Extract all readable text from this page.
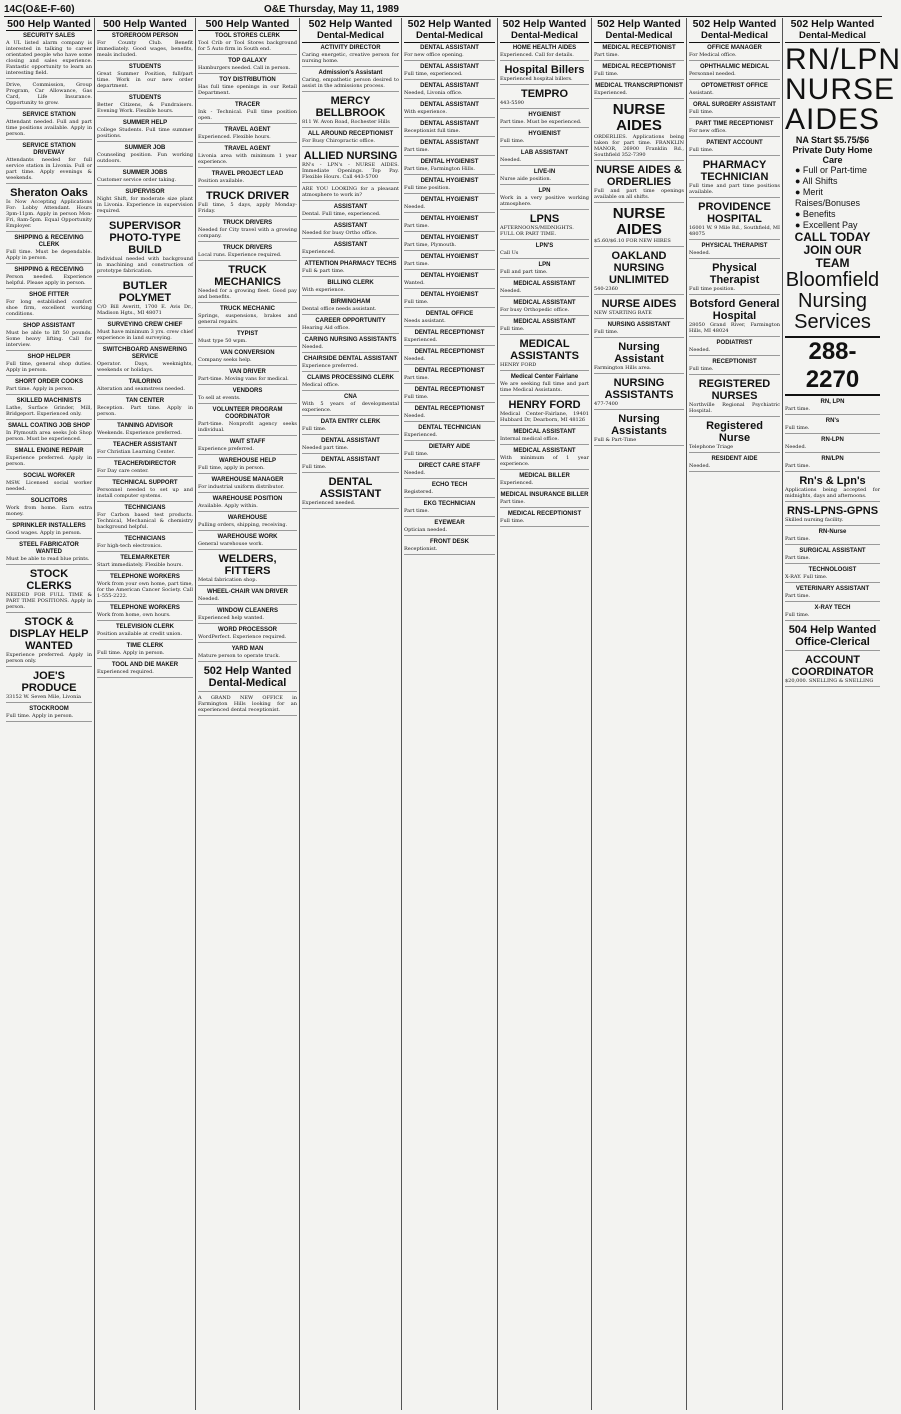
14C(O&E-F-60)	O&E Thursday, May 11, 1989
500 Help Wanted
SECURITY SALES
A UL listed alarm company is interested in talking to career orientated people who have some closing and sales experience. Fantastic opportunity to learn an interesting field.
Drive, Commission, Group Program, Car Allowance, Gas Card, Life Insurance. Opportunity to grow.
SERVICE STATION
Attendant needed. Full and part time positions available. Apply in person.
SERVICE STATION DRIVEWAY
Attendants needed for full service station in Livonia. Full or part time. Apply evenings & weekends.
Sheraton Oaks
Is Now Accepting Applications For: Lobby Attendant. Hours 3pm-11pm. Apply in person Mon-Fri, 8am-5pm. Equal Opportunity Employer.
SHIPPING & RECEIVING CLERK
Full time. Must be dependable. Apply in person.
SHIPPING & RECEIVING
Person needed. Experience helpful. Please apply in person.
SHOE FITTER
For long established comfort shoe firm, excellent working conditions.
SHOP ASSISTANT
Must be able to lift 50 pounds. Some heavy lifting. Call for interview.
SHOP HELPER
Full time, general shop duties. Apply in person.
SHORT ORDER COOKS
Part time. Apply in person.
SKILLED MACHINISTS
Lathe, Surface Grinder, Mill, Bridgeport. Experienced only.
SMALL COATING JOB SHOP
In Plymouth area seeks Job Shop person. Must be experienced.
SMALL ENGINE REPAIR
Experience preferred. Apply in person.
SOCIAL WORKER
MSW. Licensed social worker needed.
SOLICITORS
Work from home. Earn extra money.
SPRINKLER INSTALLERS
Good wages. Apply in person.
STEEL FABRICATOR WANTED
Must be able to read blue prints.
STOCK CLERKS
NEEDED FOR FULL TIME & PART TIME POSITIONS. Apply in person.
STOCK & DISPLAY HELP WANTED
Experience preferred. Apply in person only.
JOE'S PRODUCE
33152 W. Seven Mile, Livonia
STOCKROOM
Full time. Apply in person.
500 Help Wanted
STOREROOM PERSON
For County Club. Benefit immediately. Good wages, benefits, meals included.
STUDENTS
Great Summer Position, full/part time. Work in our new order department.
STUDENTS
Better Citizens, & Fundraisers. Evening Work. Flexible hours.
SUMMER HELP
College Students. Full time summer positions.
SUMMER JOB
Counseling position. Fun working outdoors.
SUMMER JOBS
Customer service order taking.
SUPERVISOR
Night Shift, for moderate size plant in Livonia. Experience in supervision required.
SUPERVISOR PHOTO-TYPE BUILD
Individual needed with background in machining and construction of prototype fabrication.
BUTLER POLYMET
C/O Bill Averitt, 1700 E. Avis Dr., Madison Hgts., MI 48071
SURVEYING CREW CHIEF
Must have minimum 3 yrs. crew chief experience in land surveying.
SWITCHBOARD ANSWERING SERVICE
Operator. Days, weeknights, weekends or holidays.
TAILORING
Alteration and seamstress needed.
TAN CENTER
Reception. Part time. Apply in person.
TANNING ADVISOR
Weekends. Experience preferred.
TEACHER ASSISTANT
For Christian Learning Center.
TEACHER/DIRECTOR
For Day care center.
TECHNICAL SUPPORT
Personnel needed to set up and install computer systems.
TECHNICIANS
For Carbon based test products. Technical, Mechanical & chemistry background helpful.
TECHNICIANS
For high-tech electronics.
TELEMARKETER
Start immediately. Flexible hours.
TELEPHONE WORKERS
Work from your own home, part time, for the American Cancer Society. Call 1-555-2222.
TELEPHONE WORKERS
Work from home, own hours.
TELEVISION CLERK
Position available at credit union.
TIME CLERK
Full time. Apply in person.
TOOL AND DIE MAKER
Experienced required.
500 Help Wanted
TOOL STORES CLERK
Tool Crib or Tool Stores background for 5 Auto firm in South end.
TOP GALAXY
Hamburgers needed. Call in person.
TOY DISTRIBUTION
Has full time openings in our Retail Department.
TRACER
Ink - Technical. Full time position open.
TRAVEL AGENT
Experienced. Flexible hours.
TRAVEL AGENT
Livonia area with minimum 1 year experience.
TRAVEL PROJECT LEAD
Position available.
TRUCK DRIVER
Full time, 5 days, apply Monday-Friday.
TRUCK DRIVERS
Needed for City travel with a growing company.
TRUCK DRIVERS
Local runs. Experience required.
TRUCK MECHANICS
Needed for a growing fleet. Good pay and benefits.
TRUCK MECHANIC
Springs, suspensions, brakes and general repairs.
TYPIST
Must type 50 wpm.
VAN CONVERSION
Company seeks help.
VAN DRIVER
Part-time. Moving vans for medical.
VENDORS
To sell at events.
VOLUNTEER PROGRAM COORDINATOR
Part-time. Nonprofit agency seeks individual.
WAIT STAFF
Experience preferred.
WAREHOUSE HELP
Full time, apply in person.
WAREHOUSE MANAGER
For industrial uniform distributor.
WAREHOUSE POSITION
Available. Apply within.
WAREHOUSE
Pulling orders, shipping, receiving.
WAREHOUSE WORK
General warehouse work.
WELDERS, FITTERS
Metal fabrication shop.
WHEEL-CHAIR VAN DRIVER
Needed.
WINDOW CLEANERS
Experienced help wanted.
WORD PROCESSOR
WordPerfect. Experience required.
YARD MAN
Mature person to operate truck.
502 Help Wanted Dental-Medical
A GRAND NEW OFFICE in Farmington Hills looking for an experienced dental receptionist.
502 Help Wanted
Dental-Medical
ACTIVITY DIRECTOR
Caring energetic, creative person for nursing home.
Admission's Assistant
Caring, empathetic person desired to assist in the admissions process.
MERCY BELLBROOK
811 W. Avon Road, Rochester Hills
ALL AROUND RECEPTIONIST
For Busy Chiropractic office.
ALLIED NURSING
RN's - LPN's - NURSE AIDES. Immediate Openings. Top Pay. Flexible Hours. Call 443-5700
ARE YOU LOOKING for a pleasant atmosphere to work in?
ASSISTANT
Dental. Full time, experienced.
ASSISTANT
Needed for busy Ortho office.
ASSISTANT
Experienced.
ATTENTION PHARMACY TECHS
Full & part time.
BILLING CLERK
With experience.
BIRMINGHAM
Dental office needs assistant.
CAREER OPPORTUNITY
Hearing Aid office.
CARING NURSING ASSISTANTS
Needed.
CHAIRSIDE DENTAL ASSISTANT
Experience preferred.
CLAIMS PROCESSING CLERK
Medical office.
CNA
With 5 years of developmental experience.
DATA ENTRY CLERK
Full time.
DENTAL ASSISTANT
Needed part time.
DENTAL ASSISTANT
Full time.
DENTAL ASSISTANT
Experienced needed.
502 Help Wanted
Dental-Medical
DENTAL ASSISTANT
For new office opening.
DENTAL ASSISTANT
Full time, experienced.
DENTAL ASSISTANT
Needed, Livonia office.
DENTAL ASSISTANT
With experience.
DENTAL ASSISTANT
Receptionist full time.
DENTAL ASSISTANT
Part time.
DENTAL HYGIENIST
Part time, Farmington Hills.
DENTAL HYGIENIST
Full time position.
DENTAL HYGIENIST
Needed.
DENTAL HYGIENIST
Part time.
DENTAL HYGIENIST
Part time, Plymouth.
DENTAL HYGIENIST
Part time.
DENTAL HYGIENIST
Wanted.
DENTAL HYGIENIST
Full time.
DENTAL OFFICE
Needs assistant.
DENTAL RECEPTIONIST
Experienced.
DENTAL RECEPTIONIST
Needed.
DENTAL RECEPTIONIST
Part time.
DENTAL RECEPTIONIST
Full time.
DENTAL RECEPTIONIST
Needed.
DENTAL TECHNICIAN
Experienced.
DIETARY AIDE
Full time.
DIRECT CARE STAFF
Needed.
ECHO TECH
Registered.
EKG TECHNICIAN
Part time.
EYEWEAR
Optician needed.
FRONT DESK
Receptionist.
502 Help Wanted
Dental-Medical
HOME HEALTH AIDES
Experienced. Call for details.
Hospital Billers
Experienced hospital billers.
TEMPRO
443-5590
HYGIENIST
Part time. Must be experienced.
HYGIENIST
Full time.
LAB ASSISTANT
Needed.
LIVE-IN
Nurse aide position.
LPN
Work in a very positive working atmosphere.
LPNS
AFTERNOONS/MIDNIGHTS. FULL OR PART TIME.
LPN'S
Call Us
LPN
Full and part time.
MEDICAL ASSISTANT
Needed.
MEDICAL ASSISTANT
For busy Orthopedic office.
MEDICAL ASSISTANT
Full time.
MEDICAL ASSISTANTS
HENRY FORD
Medical Center Fairlane
We are seeking full time and part time Medical Assistants.
HENRY FORD
Medical Center-Fairlane, 19401 Hubbard Dr, Dearborn, MI 48126
MEDICAL ASSISTANT
Internal medical office.
MEDICAL ASSISTANT
With minimum of 1 year experience.
MEDICAL BILLER
Experienced.
MEDICAL INSURANCE BILLER
Part time.
MEDICAL RECEPTIONIST
Full time.
502 Help Wanted
Dental-Medical
MEDICAL RECEPTIONIST
Part time.
MEDICAL RECEPTIONIST
Full time.
MEDICAL TRANSCRIPTIONIST
Experienced.
NURSE AIDES
ORDERLIES. Applications being taken for part time. FRANKLIN MANOR, 26900 Franklin Rd., Southfield 352-7390
NURSE AIDES & ORDERLIES
Full and part time openings available on all shifts.
NURSE AIDES
$5.60/$6.10 FOR NEW HIRES
OAKLAND NURSING UNLIMITED
540-2360
NURSE AIDES
NEW STARTING RATE
NURSING ASSISTANT
Full time.
Nursing Assistant
Farmington Hills area.
NURSING ASSISTANTS
477-7400
Nursing Assistants
Full & Part-Time
502 Help Wanted
Dental-Medical
OFFICE MANAGER
For Medical office.
OPHTHALMIC MEDICAL
Personnel needed.
OPTOMETRIST OFFICE
Assistant.
ORAL SURGERY ASSISTANT
Full time.
PART TIME RECEPTIONIST
For new office.
PATIENT ACCOUNT
Full time.
PHARMACY TECHNICIAN
Full time and part time positions available.
PROVIDENCE HOSPITAL
16001 W. 9 Mile Rd., Southfield, MI 48075
PHYSICAL THERAPIST
Needed.
Physical Therapist
Full time position.
Botsford General Hospital
28050 Grand River, Farmington Hills, MI 48024
PODIATRIST
Needed.
RECEPTIONIST
Full time.
REGISTERED NURSES
Northville Regional Psychiatric Hospital.
Registered Nurse
Telephone Triage
RESIDENT AIDE
Needed.
502 Help Wanted
Dental-Medical
RN/LPN
NURSE
AIDES
NA Start $5.75/$6
Private Duty Home Care
● Full or Part-time
● All Shifts
● Merit Raises/Bonuses
● Benefits
● Excellent Pay
CALL TODAY
JOIN OUR TEAM
Bloomfield Nursing Services
288-2270
RN, LPN
Part time.
RN's
Full time.
RN-LPN
Needed.
RN/LPN
Part time.
Rn's & Lpn's
Applications being accepted for midnights, days and afternoons.
RNS-LPNS-GPNS
Skilled nursing facility.
RN-Nurse
Part time.
SURGICAL ASSISTANT
Part time.
TECHNOLOGIST
X-RAY. Full time.
VETERINARY ASSISTANT
Part time.
X-RAY TECH
Full time.
504 Help Wanted Office-Clerical
ACCOUNT COORDINATOR
$20,000. SNELLING & SNELLING
